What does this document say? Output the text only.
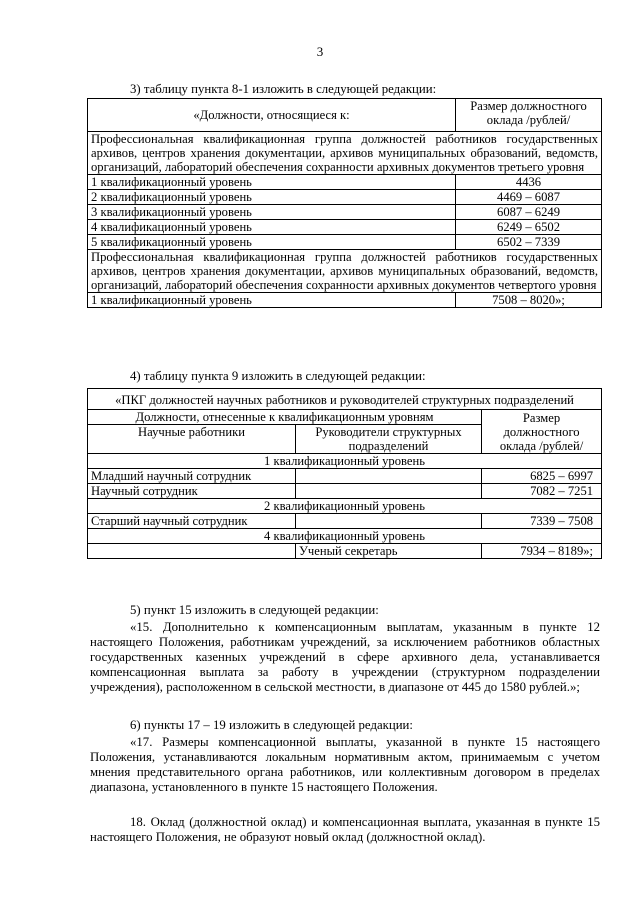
3
3) таблицу пункта 8-1 изложить в следующей редакции:
«Должности, относящиеся к:	Размер должностного оклада /рублей/
Профессиональная квалификационная группа должностей работников государственных архивов, центров хранения документации, архивов муниципальных образований, ведомств, организаций, лабораторий обеспечения сохранности архивных документов третьего уровня	
1 квалификационный уровень	4436
2 квалификационный уровень	4469 – 6087
3 квалификационный уровень	6087 – 6249
4 квалификационный уровень	6249 – 6502
5 квалификационный уровень	6502 – 7339
Профессиональная квалификационная группа должностей работников государственных архивов, центров хранения документации, архивов муниципальных образований, ведомств, организаций, лабораторий обеспечения сохранности архивных документов четвертого уровня	
1 квалификационный уровень	7508 – 8020»;
4) таблицу пункта 9 изложить в следующей редакции:
«ПКГ должностей научных работников и руководителей структурных подразделений		
Должности, отнесенные к квалификационным уровням		Размер должностного оклада /рублей/
Научные работники	Руководители структурных подразделений	
1 квалификационный уровень		
Младший научный сотрудник		6825 – 6997
Научный сотрудник		7082 – 7251
2 квалификационный уровень		
Старший научный сотрудник		7339 – 7508
4 квалификационный уровень		
	Ученый секретарь	7934 – 8189»;
5) пункт 15 изложить в следующей редакции:
«15. Дополнительно к компенсационным выплатам, указанным в пункте 12 настоящего Положения, работникам учреждений, за исключением работников областных государственных казенных учреждений в сфере архивного дела, устанавливается компенсационная выплата за работу в учреждении (структурном подразделении учреждения), расположенном в сельской местности, в диапазоне от 445 до 1580 рублей.»;
6) пункты 17 – 19 изложить в следующей редакции:
«17. Размеры компенсационной выплаты, указанной в пункте 15 настоящего Положения, устанавливаются локальным нормативным актом, принимаемым с учетом мнения представительного органа работников, или коллективным договором в пределах диапазона, установленного в пункте 15 настоящего Положения.
18. Оклад (должностной оклад) и компенсационная выплата, указанная в пункте 15 настоящего Положения, не образуют новый оклад (должностной оклад).
